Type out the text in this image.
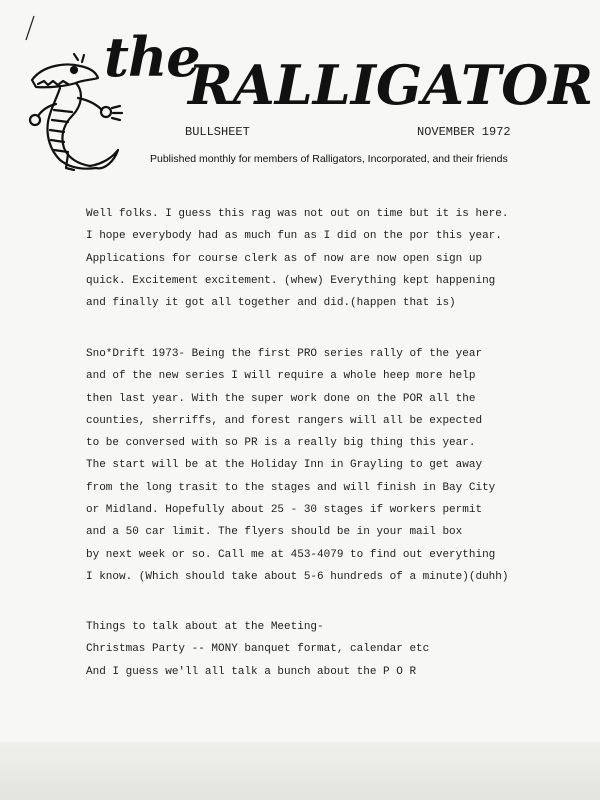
the
RALLIGATOR
BULLSHEET	NOVEMBER 1972
Published monthly for members of Ralligators, Incorporated, and their friends
Well folks. I guess this rag was not out on time but it is here.
I hope everybody had as much fun as I did on the por this year.
Applications for course clerk as of now are now open sign up
quick. Excitement excitement. (whew) Everything kept happening
and finally it got all together and did.(happen that is)
Sno*Drift 1973- Being the first PRO series rally of the year
and of the new series I will require a whole heep more help
then last year. With the super work done on the POR all the
counties, sherriffs, and forest rangers will all be expected
to be conversed with so PR is a really big thing this year.
The start will be at the Holiday Inn in Grayling to get away
from the long trasit to the stages and will finish in Bay City
or Midland. Hopefully about 25 - 30 stages if workers permit
and a 50 car limit. The flyers should be in your mail box
by next week or so. Call me at 453-4079 to find out everything
I know. (Which should take about 5-6 hundreds of a minute)(duhh)
Things to talk about at the Meeting-
Christmas Party -- MONY banquet format, calendar etc
And I guess we'll all talk a bunch about the P O R
